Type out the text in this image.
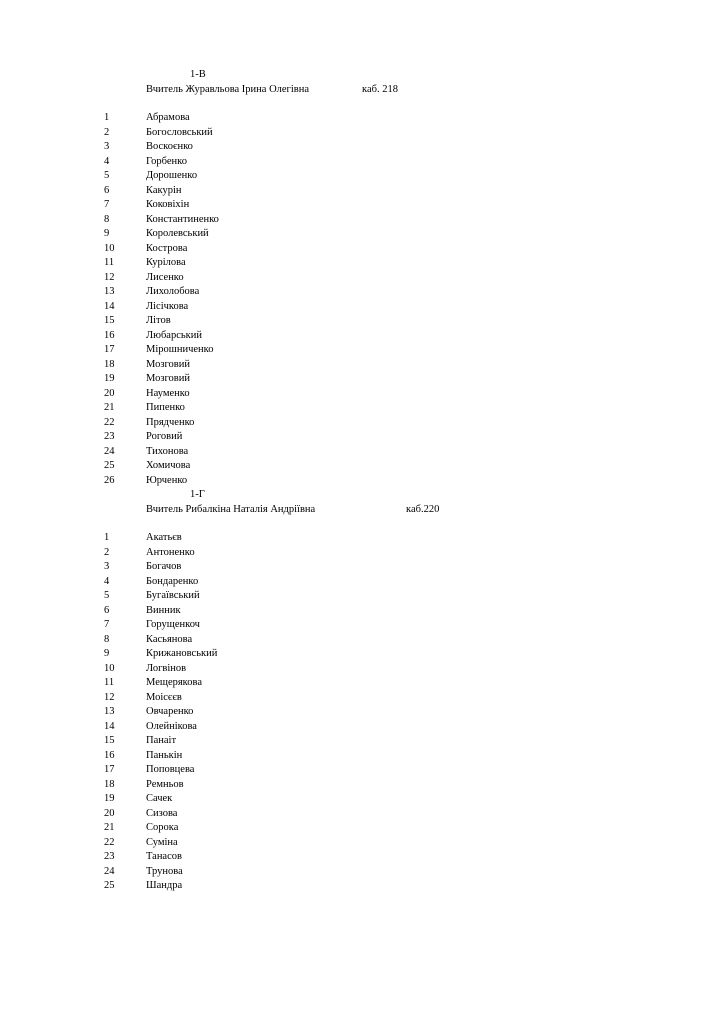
1-В
Вчитель Журавльова Ірина Олегівна	каб. 218
1	Абрамова
2	Богословський
3	Воскоєнко
4	Горбенко
5	Дорошенко
6	Какурін
7	Коковіхін
8	Константиненко
9	Королевський
10	Кострова
11	Курілова
12	Лисенко
13	Лихолобова
14	Лісічкова
15	Літов
16	Любарський
17	Мірошниченко
18	Мозговий
19	Мозговий
20	Науменко
21	Пипенко
22	Прядченко
23	Роговий
24	Тихонова
25	Хомичова
26	Юрченко
1-Г
Вчитель Рибалкіна Наталія Андріївна	каб.220
1	Акатьєв
2	Антоненко
3	Богачов
4	Бондаренко
5	Бугаївський
6	Винник
7	Горущенкоч
8	Касьянова
9	Крижановський
10	Логвінов
11	Мещерякова
12	Моісєєв
13	Овчаренко
14	Олейнікова
15	Панаіт
16	Панькін
17	Поповцева
18	Ремньов
19	Сачек
20	Сизова
21	Сорока
22	Суміна
23	Танасов
24	Трунова
25	Шандра
